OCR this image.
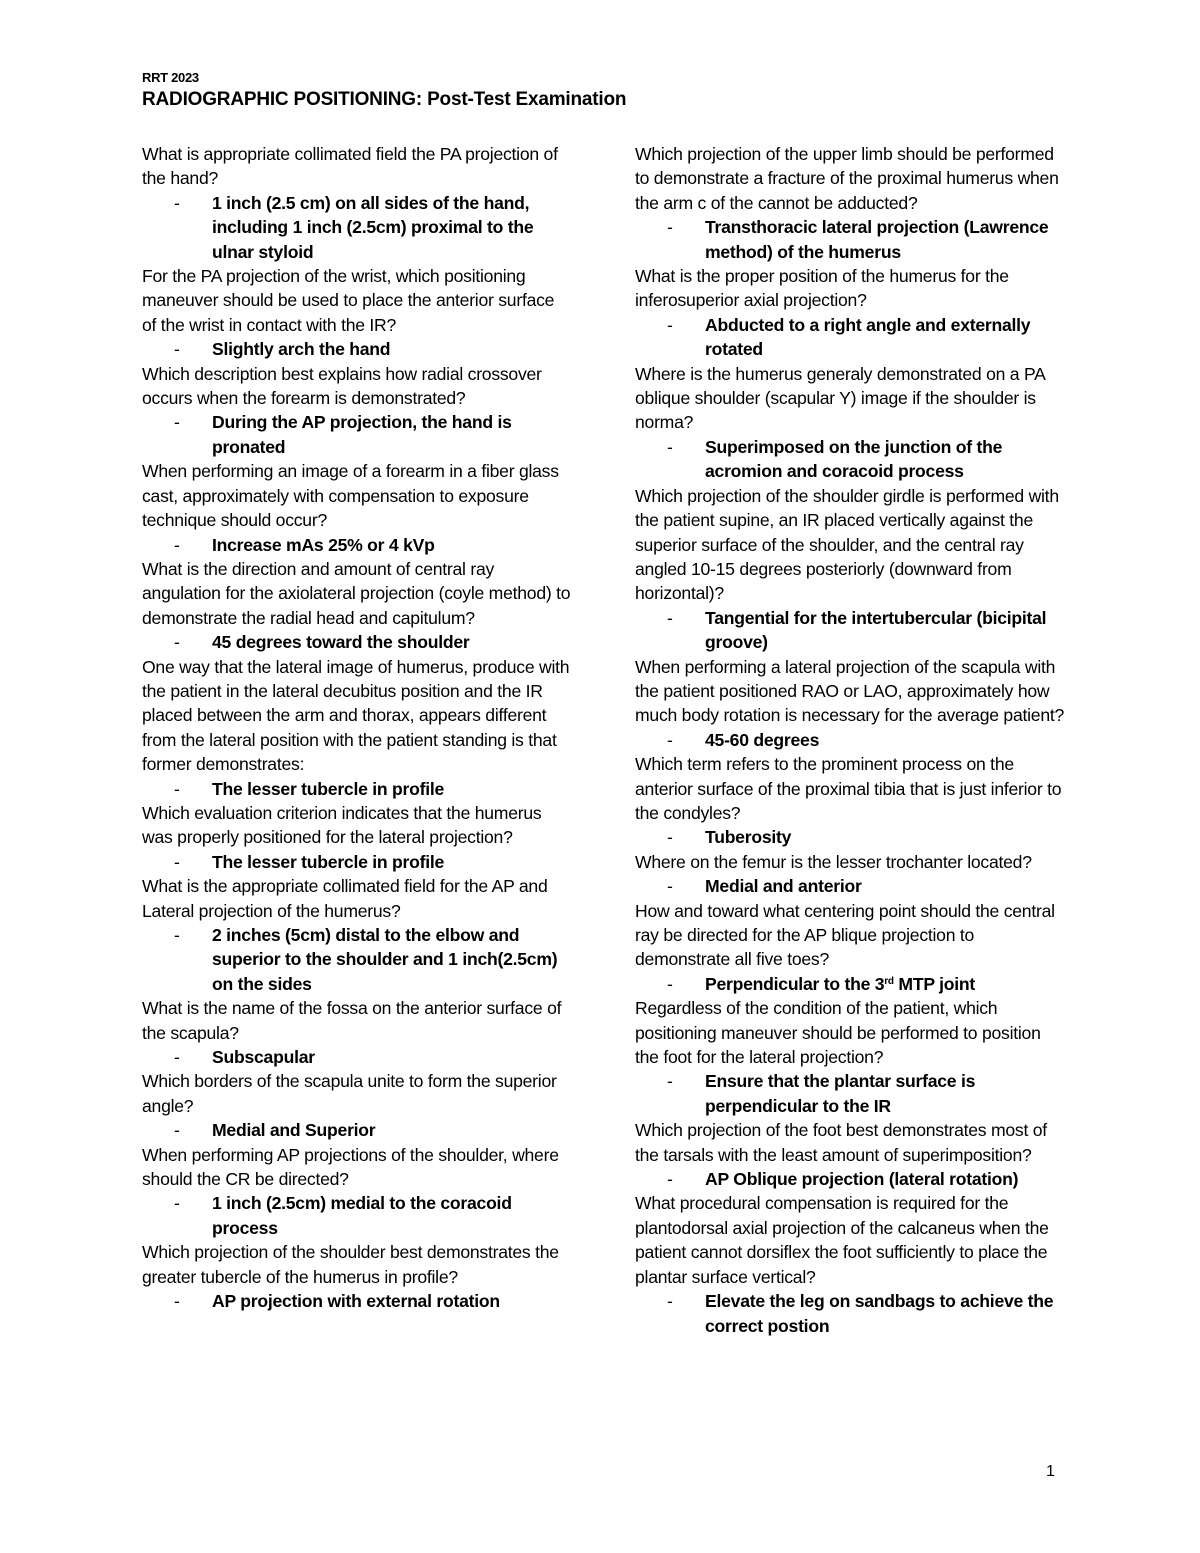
RRT 2023
RADIOGRAPHIC POSITIONING: Post-Test Examination
What is appropriate collimated field the PA projection of the hand?
- 1 inch (2.5 cm) on all sides of the hand, including 1 inch (2.5cm) proximal to the ulnar styloid
For the PA projection of the wrist, which positioning maneuver should be used to place the anterior surface of the wrist in contact with the IR?
- Slightly arch the hand
Which description best explains how radial crossover occurs when the forearm is demonstrated?
- During the AP projection, the hand is pronated
When performing an image of a forearm in a fiber glass cast, approximately with compensation to exposure technique should occur?
- Increase mAs 25% or 4 kVp
What is the direction and amount of central ray angulation for the axiolateral projection (coyle method) to demonstrate the radial head and capitulum?
- 45 degrees toward the shoulder
One way that the lateral image of humerus, produce with the patient in the lateral decubitus position and the IR placed between the arm and thorax, appears different from the lateral position with the patient standing is that former demonstrates:
- The lesser tubercle in profile
Which evaluation criterion indicates that the humerus was properly positioned for the lateral projection?
- The lesser tubercle in profile
What is the appropriate collimated field for the AP and Lateral projection of the humerus?
- 2 inches (5cm) distal to the elbow and superior to the shoulder and 1 inch(2.5cm) on the sides
What is the name of the fossa on the anterior surface of the scapula?
- Subscapular
Which borders of the scapula unite to form the superior angle?
- Medial and Superior
When performing AP projections of the shoulder, where should the CR be directed?
- 1 inch (2.5cm) medial to the coracoid process
Which projection of the shoulder best demonstrates the greater tubercle of the humerus in profile?
- AP projection with external rotation
Which projection of the upper limb should be performed to demonstrate a fracture of the proximal humerus when the arm c of the cannot be adducted?
- Transthoracic lateral projection (Lawrence method) of the humerus
What is the proper position of the humerus for the inferosuperior axial projection?
- Abducted to a right angle and externally rotated
Where is the humerus generaly demonstrated on a PA oblique shoulder (scapular Y) image if the shoulder is norma?
- Superimposed on the junction of the acromion and coracoid process
Which projection of the shoulder girdle is performed with the patient supine, an IR placed vertically against the superior surface of the shoulder, and the central ray angled 10-15 degrees posteriorly (downward from horizontal)?
- Tangential for the intertubercular (bicipital groove)
When performing a lateral projection of the scapula with the patient positioned RAO or LAO, approximately how much body rotation is necessary for the average patient?
- 45-60 degrees
Which term refers to the prominent process on the anterior surface of the proximal tibia that is just inferior to the condyles?
- Tuberosity
Where on the femur is the lesser trochanter located?
- Medial and anterior
How and toward what centering point should the central ray be directed for the AP blique projection to demonstrate all five toes?
- Perpendicular to the 3rd MTP joint
Regardless of the condition of the patient, which positioning maneuver should be performed to position the foot for the lateral projection?
- Ensure that the plantar surface is perpendicular to the IR
Which projection of the foot best demonstrates most of the tarsals with the least amount of superimposition?
- AP Oblique projection (lateral rotation)
What procedural compensation is required for the plantodorsal axial projection of the calcaneus when the patient cannot dorsiflex the foot sufficiently to place the plantar surface vertical?
- Elevate the leg on sandbags to achieve the correct postion
1
